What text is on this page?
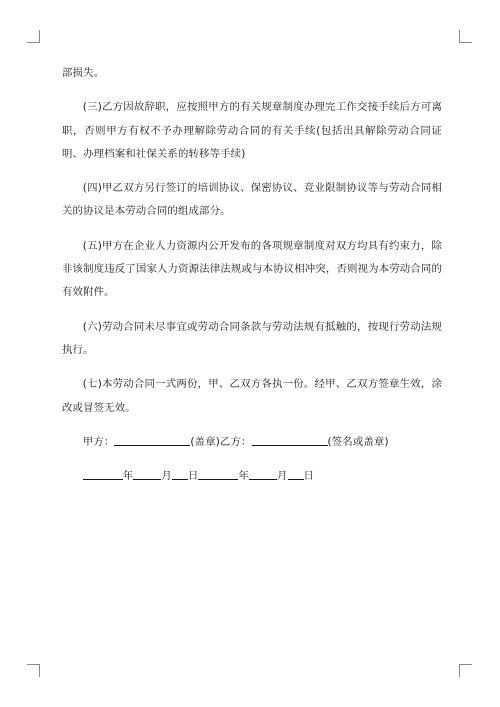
部损失。

(三)乙方因故辞职，应按照甲方的有关规章制度办理完工作交接手续后方可离职，否则甲方有权不予办理解除劳动合同的有关手续(包括出具解除劳动合同证明、办理档案和社保关系的转移等手续)

(四)甲乙双方另行签订的培训协议、保密协议、竞业限制协议等与劳动合同相关的协议是本劳动合同的组成部分。

(五)甲方在企业人力资源内公开发布的各项规章制度对双方均具有约束力，除非该制度违反了国家人力资源法律法规或与本协议相冲突，否则视为本劳动合同的有效附件。

(六)劳动合同未尽事宜或劳动合同条款与劳动法规有抵触的，按现行劳动法规执行。

(七)本劳动合同一式两份，甲、乙双方各执一份。经甲、乙双方签章生效，涂改或冒签无效。

甲方：	(盖章)乙方：	(签名或盖章)

年	月 日	年	月 日
